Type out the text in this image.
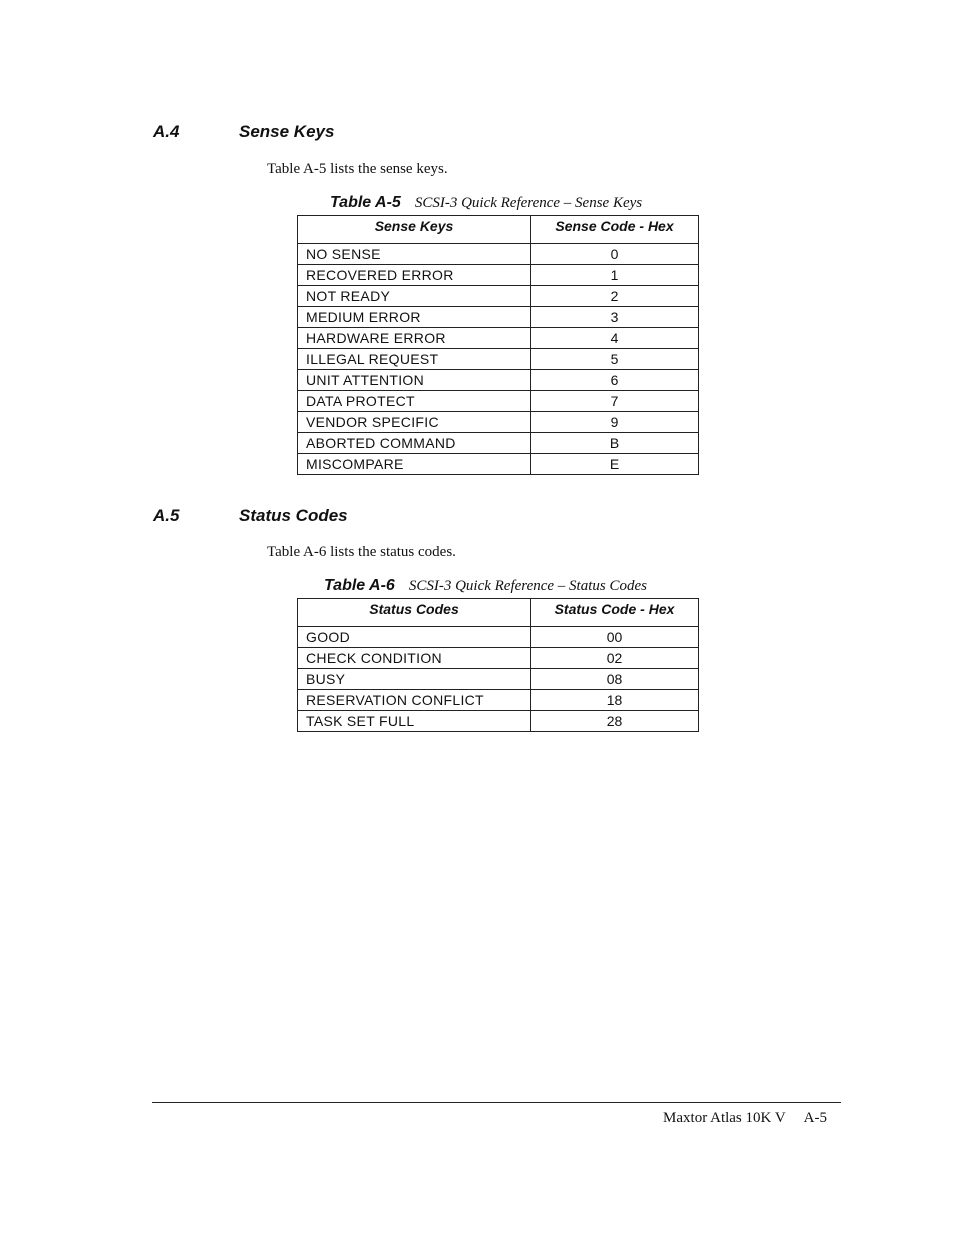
A.4	Sense Keys
Table A-5 lists the sense keys.
Table A-5 SCSI-3 Quick Reference – Sense Keys
Sense Keys	Sense Code - Hex
NO SENSE	0
RECOVERED ERROR	1
NOT READY	2
MEDIUM ERROR	3
HARDWARE ERROR	4
ILLEGAL REQUEST	5
UNIT ATTENTION	6
DATA PROTECT	7
VENDOR SPECIFIC	9
ABORTED COMMAND	B
MISCOMPARE	E
A.5	Status Codes
Table A-6 lists the status codes.
Table A-6 SCSI-3 Quick Reference – Status Codes
Status Codes	Status Code - Hex
GOOD	00
CHECK CONDITION	02
BUSY	08
RESERVATION CONFLICT	18
TASK SET FULL	28
Maxtor Atlas 10K V A-5
